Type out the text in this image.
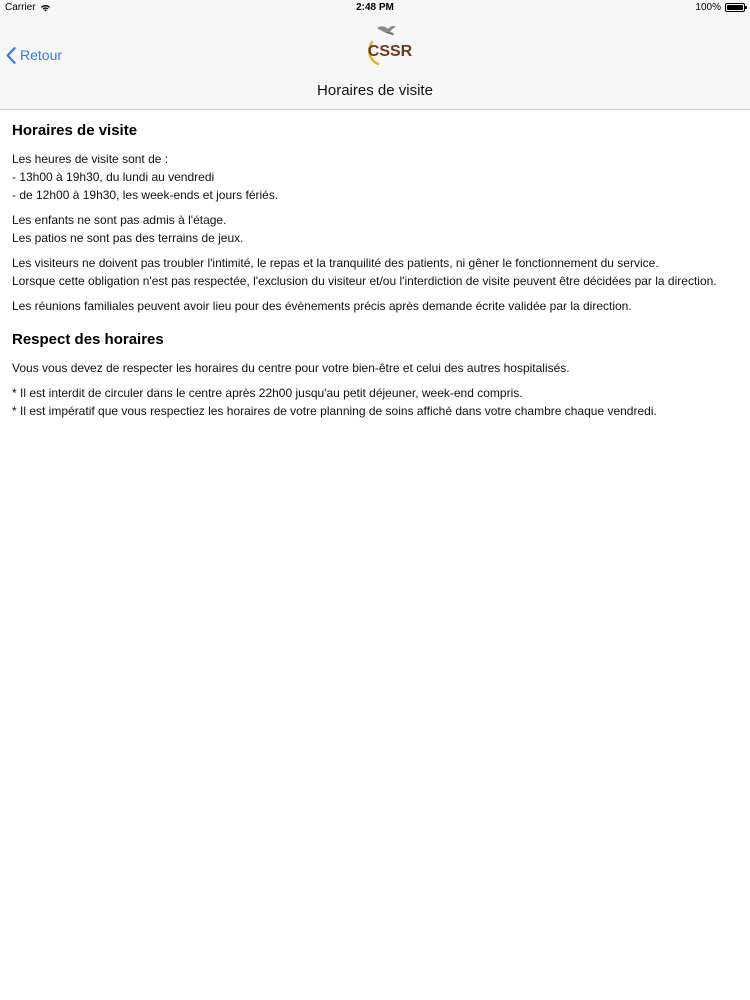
Carrier	2:48 PM	100%
Retour	CSSR
Horaires de visite
Horaires de visite

Les heures de visite sont de :
- 13h00 à 19h30, du lundi au vendredi
- de 12h00 à 19h30, les week-ends et jours fériés.

Les enfants ne sont pas admis à l'étage.
Les patios ne sont pas des terrains de jeux.

Les visiteurs ne doivent pas troubler l'intimité, le repas et la tranquilité des patients, ni gêner le fonctionnement du service.
Lorsque cette obligation n'est pas respectée, l'exclusion du visiteur et/ou l'interdiction de visite peuvent être décidées par la direction.

Les réunions familiales peuvent avoir lieu pour des évènements précis après demande écrite validée par la direction.

Respect des horaires

Vous vous devez de respecter les horaires du centre pour votre bien-être et celui des autres hospitalisés.

* Il est interdit de circuler dans le centre après 22h00 jusqu'au petit déjeuner, week-end compris.
* Il est impératif que vous respectiez les horaires de votre planning de soins affiché dans votre chambre chaque vendredi.
